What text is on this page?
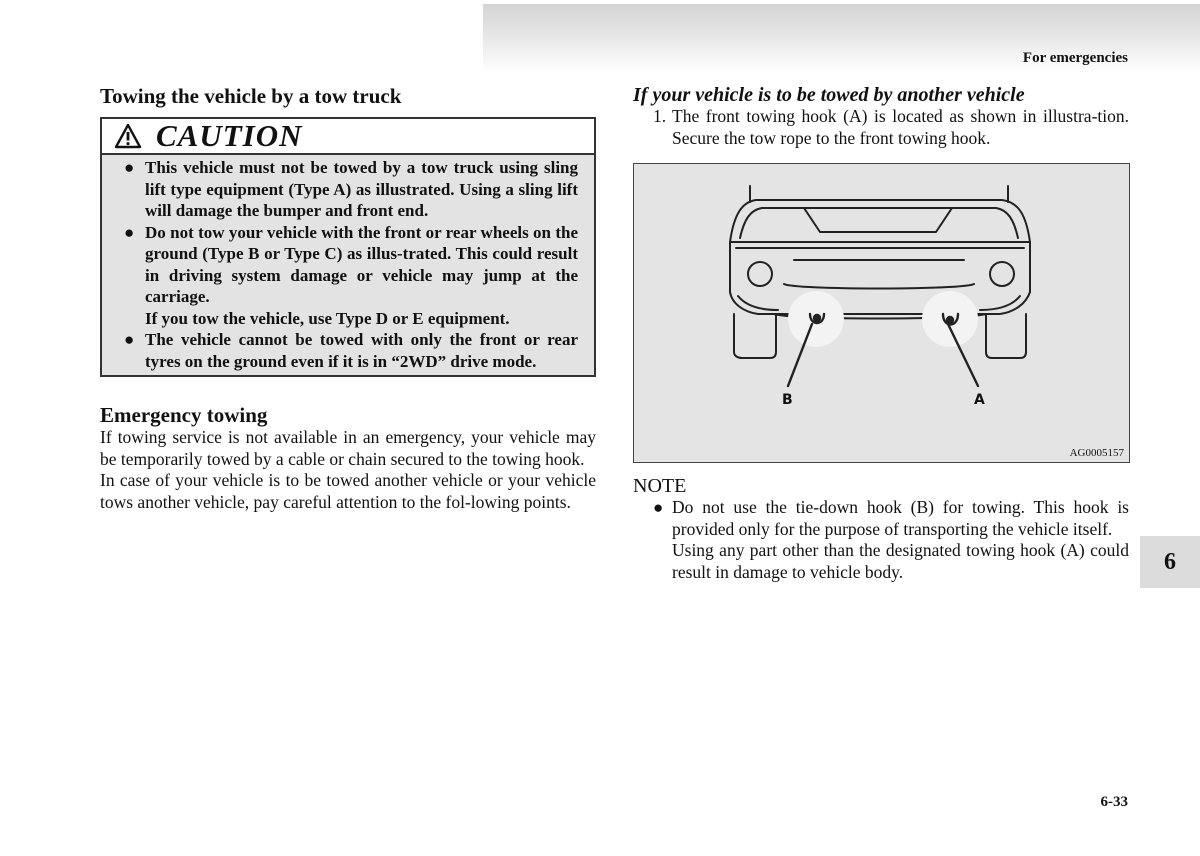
For emergencies
Towing the vehicle by a tow truck
CAUTION
● This vehicle must not be towed by a tow truck using sling lift type equipment (Type A) as illustrated. Using a sling lift will damage the bumper and front end.
● Do not tow your vehicle with the front or rear wheels on the ground (Type B or Type C) as illus-trated. This could result in driving system damage or vehicle may jump at the carriage.
If you tow the vehicle, use Type D or E equipment.
● The vehicle cannot be towed with only the front or rear tyres on the ground even if it is in “2WD” drive mode.
Emergency towing

If towing service is not available in an emergency, your vehicle may be temporarily towed by a cable or chain secured to the towing hook.

In case of your vehicle is to be towed another vehicle or your vehicle tows another vehicle, pay careful attention to the fol-lowing points.

If your vehicle is to be towed by another vehicle
1. The front towing hook (A) is located as shown in illustra-tion. Secure the tow rope to the front towing hook.
B	A
AG0005157
NOTE
● Do not use the tie-down hook (B) for towing. This hook is provided only for the purpose of transporting the vehicle itself.
Using any part other than the designated towing hook (A) could result in damage to vehicle body.	6
6-33
